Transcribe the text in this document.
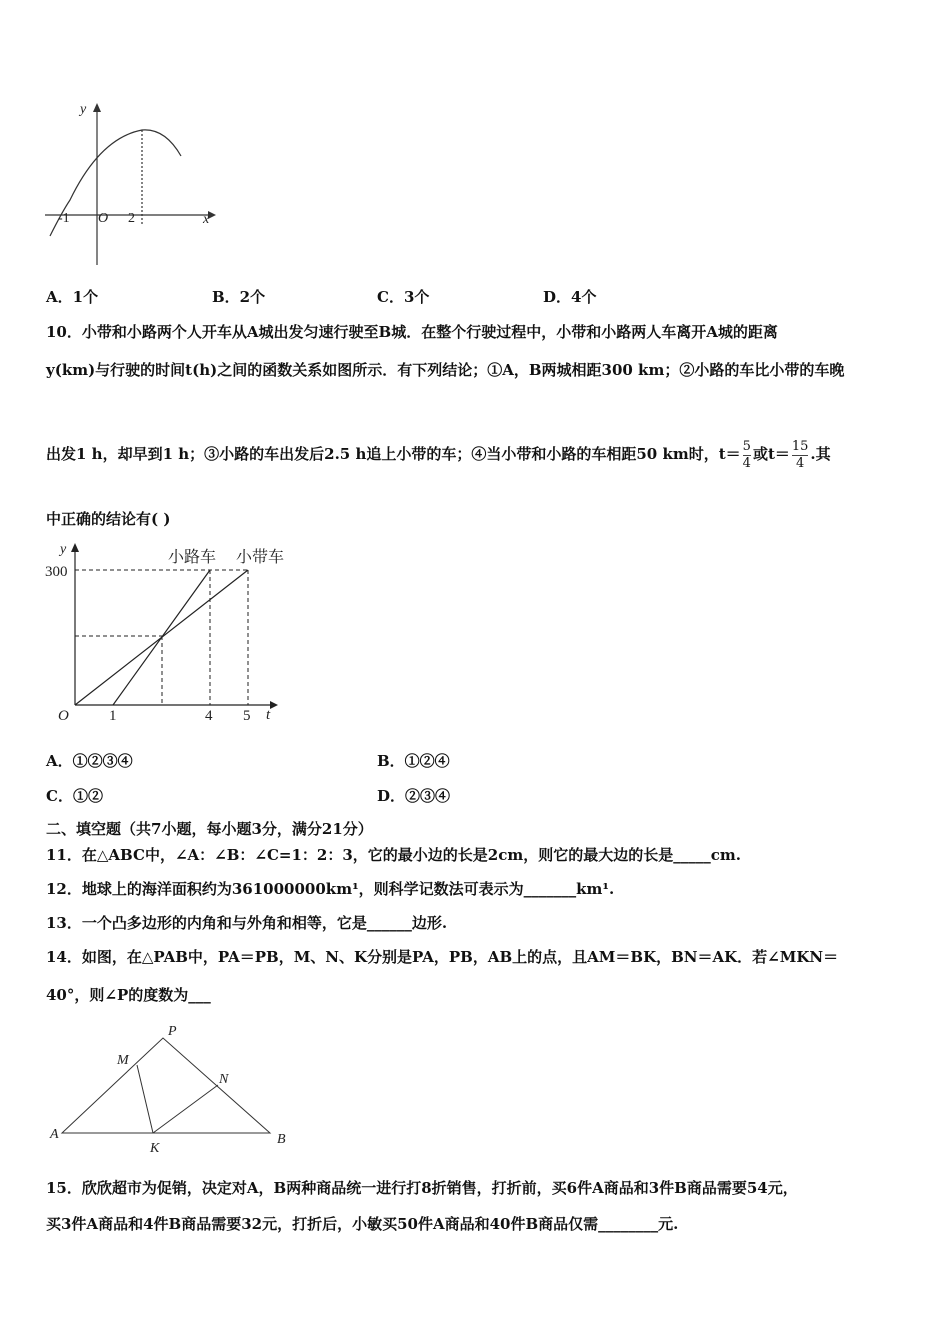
y
x
-1 O 2
y
t
O
300
1	4 5
小路车 小带车
P
M
N
A
K
B
A．1个	B．2个	C．3个	D．4个
10．小带和小路两个人开车从A城出发匀速行驶至B城．在整个行驶过程中，小带和小路两人车离开A城的距离
y(km)与行驶的时间t(h)之间的函数关系如图所示．有下列结论；①A，B两城相距300 km；②小路的车比小带的车晚
出发1 h，却早到1 h；③小路的车出发后2.5 h追上小带的车；④当小带和小路的车相距50 km时，$t= \frac{5}{4}$ 或$t= \frac{15}{4}$ .其
中正确的结论有( )
A．①②③④	B．①②④
C．①②	D．②③④
二、填空题（共7小题，每小题3分，满分21分）
11．在△ABC中，∠A：∠B：∠C=1：2：3，它的最小边的长是2cm，则它的最大边的长是_____cm.
12．地球上的海洋面积约为361000000km¹，则科学记数法可表示为_______km¹.
13．一个凸多边形的内角和与外角和相等，它是______边形.
14．如图，在△PAB中，PA＝PB，M、N、K分别是PA，PB，AB上的点，且AM＝BK，BN＝AK．若∠MKN＝
40°，则∠P的度数为___
15．欣欣超市为促销，决定对A，B两种商品统一进行打8折销售，打折前，买6件A商品和3件B商品需要54元，
买3件A商品和4件B商品需要32元，打折后，小敏买50件A商品和40件B商品仅需________元.
